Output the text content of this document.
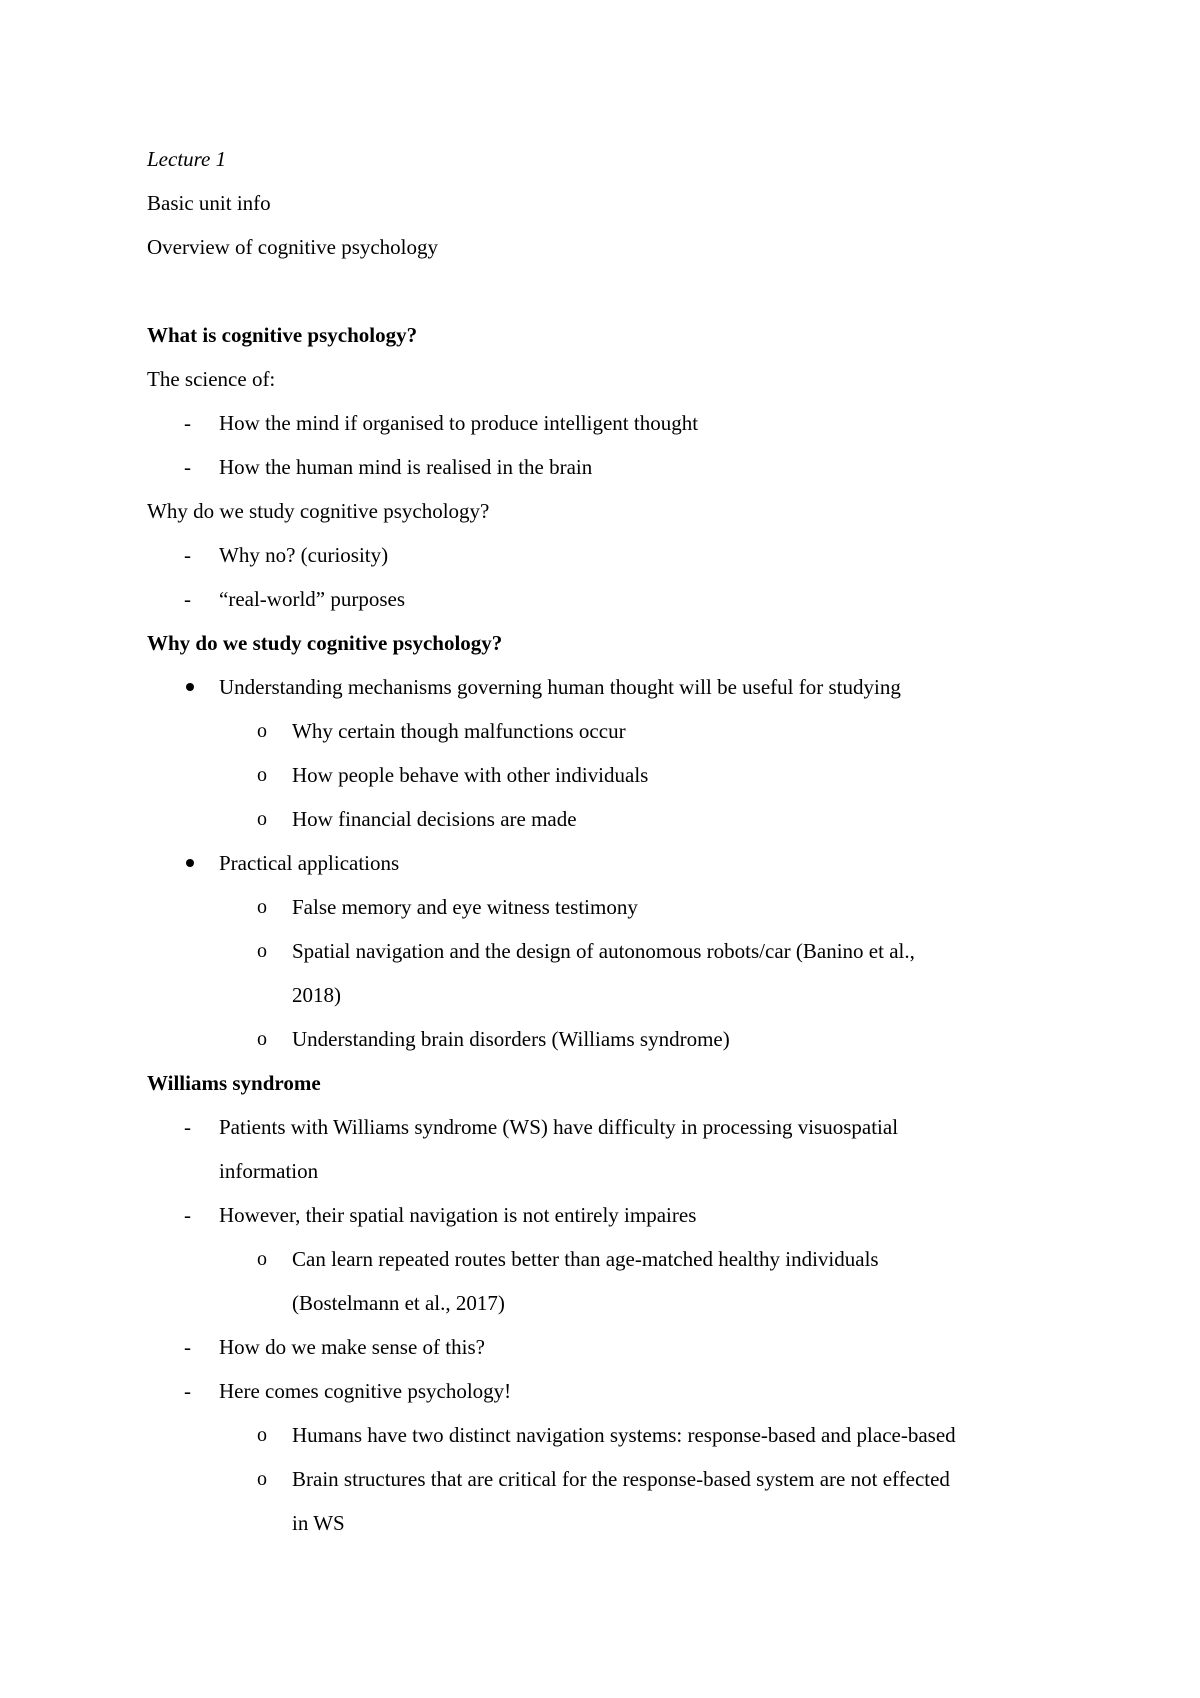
Lecture 1
Basic unit info
Overview of cognitive psychology
What is cognitive psychology?
The science of:
- How the mind if organised to produce intelligent thought
- How the human mind is realised in the brain
Why do we study cognitive psychology?
- Why no? (curiosity)
- “real-world” purposes
Why do we study cognitive psychology?
Understanding mechanisms governing human thought will be useful for studying
o Why certain though malfunctions occur
o How people behave with other individuals
o How financial decisions are made
Practical applications
o False memory and eye witness testimony
o Spatial navigation and the design of autonomous robots/car (Banino et al.,
2018)
o Understanding brain disorders (Williams syndrome)
Williams syndrome
- Patients with Williams syndrome (WS) have difficulty in processing visuospatial
information
- However, their spatial navigation is not entirely impaires
o Can learn repeated routes better than age-matched healthy individuals
(Bostelmann et al., 2017)
- How do we make sense of this?
- Here comes cognitive psychology!
o Humans have two distinct navigation systems: response-based and place-based
o Brain structures that are critical for the response-based system are not effected
in WS
